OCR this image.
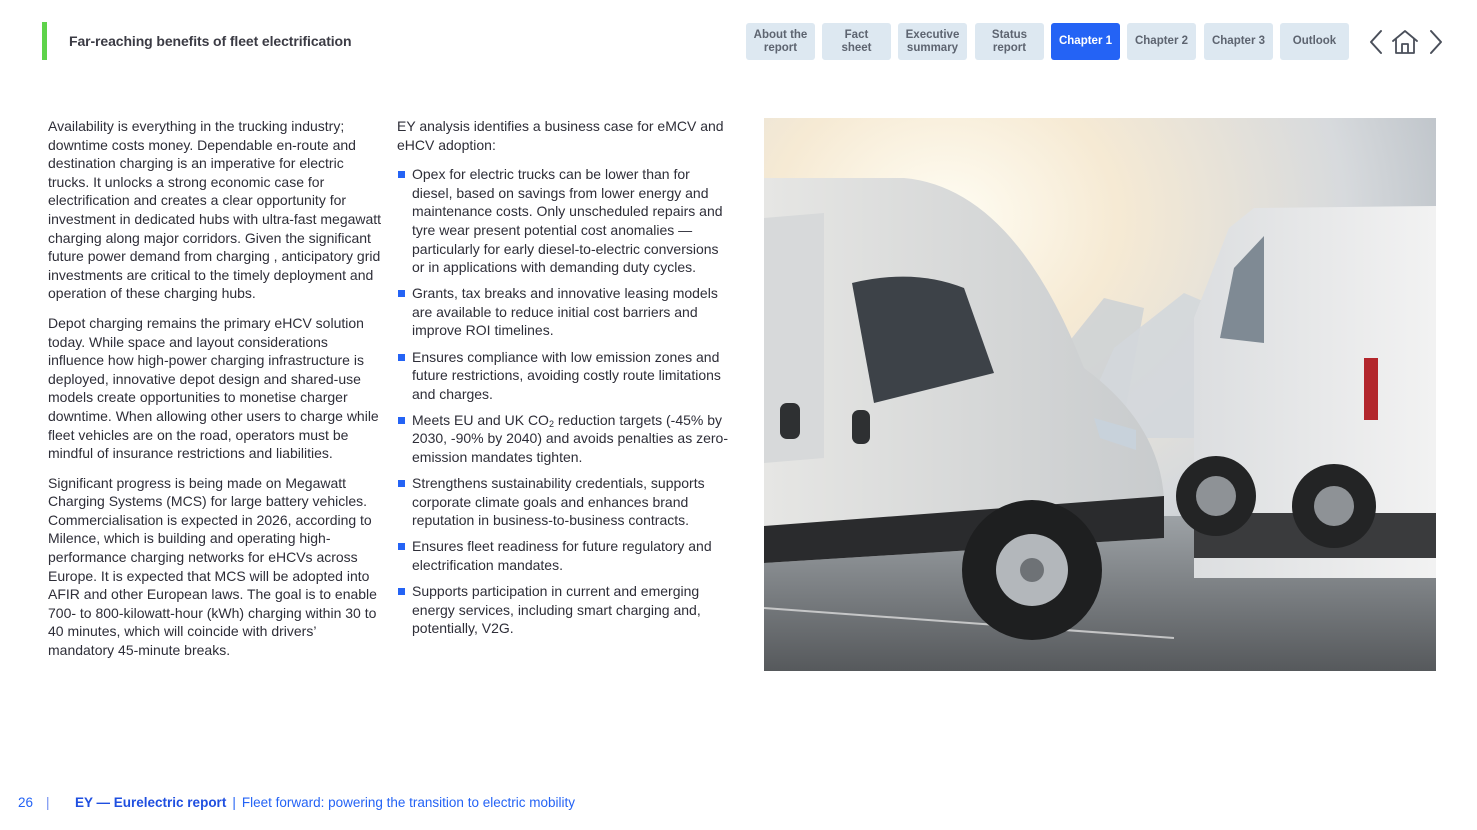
Far-reaching benefits of fleet electrification	About the
report
Fact
sheet
Executive
summary
Status
report
Chapter 1 Chapter 2 Chapter 3 Outlook

Availability is everything in the trucking industry; downtime costs money. Dependable en-route and destination charging is an imperative for electric trucks. It unlocks a strong economic case for electrification and creates a clear opportunity for investment in dedicated hubs with ultra-fast megawatt charging along major corridors. Given the significant future power demand from charging , anticipatory grid investments are critical to the timely deployment and operation of these charging hubs.

Depot charging remains the primary eHCV solution today. While space and layout considerations influence how high-power charging infrastructure is deployed, innovative depot design and shared-use models create opportunities to monetise charger downtime. When allowing other users to charge while fleet vehicles are on the road, operators must be mindful of insurance restrictions and liabilities.

Significant progress is being made on Megawatt Charging Systems (MCS) for large battery vehicles. Commercialisation is expected in 2026, according to Milence, which is building and operating high-performance charging networks for eHCVs across Europe. It is expected that MCS will be adopted into AFIR and other European laws. The goal is to enable 700- to 800-kilowatt-hour (kWh) charging within 30 to 40 minutes, which will coincide with drivers’ mandatory 45-minute breaks.

EY analysis identifies a business case for eMCV and eHCV adoption:

Opex for electric trucks can be lower than for diesel, based on savings from lower energy and maintenance costs. Only unscheduled repairs and tyre wear present potential cost anomalies — particularly for early diesel-to-electric conversions or in applications with demanding duty cycles.
Grants, tax breaks and innovative leasing models are available to reduce initial cost barriers and improve ROI timelines.
Ensures compliance with low emission zones and future restrictions, avoiding costly route limitations and charges.
Meets EU and UK $CO_2$ reduction targets (-45% by 2030, -90% by 2040) and avoids penalties as zero-emission mandates tighten.
Strengthens sustainability credentials, supports corporate climate goals and enhances brand reputation in business-to-business contracts.
Ensures fleet readiness for future regulatory and electrification mandates.
Supports participation in current and emerging energy services, including smart charging and, potentially, V2G.
26 | EY — Eurelectric report | Fleet forward: powering the transition to electric mobility
